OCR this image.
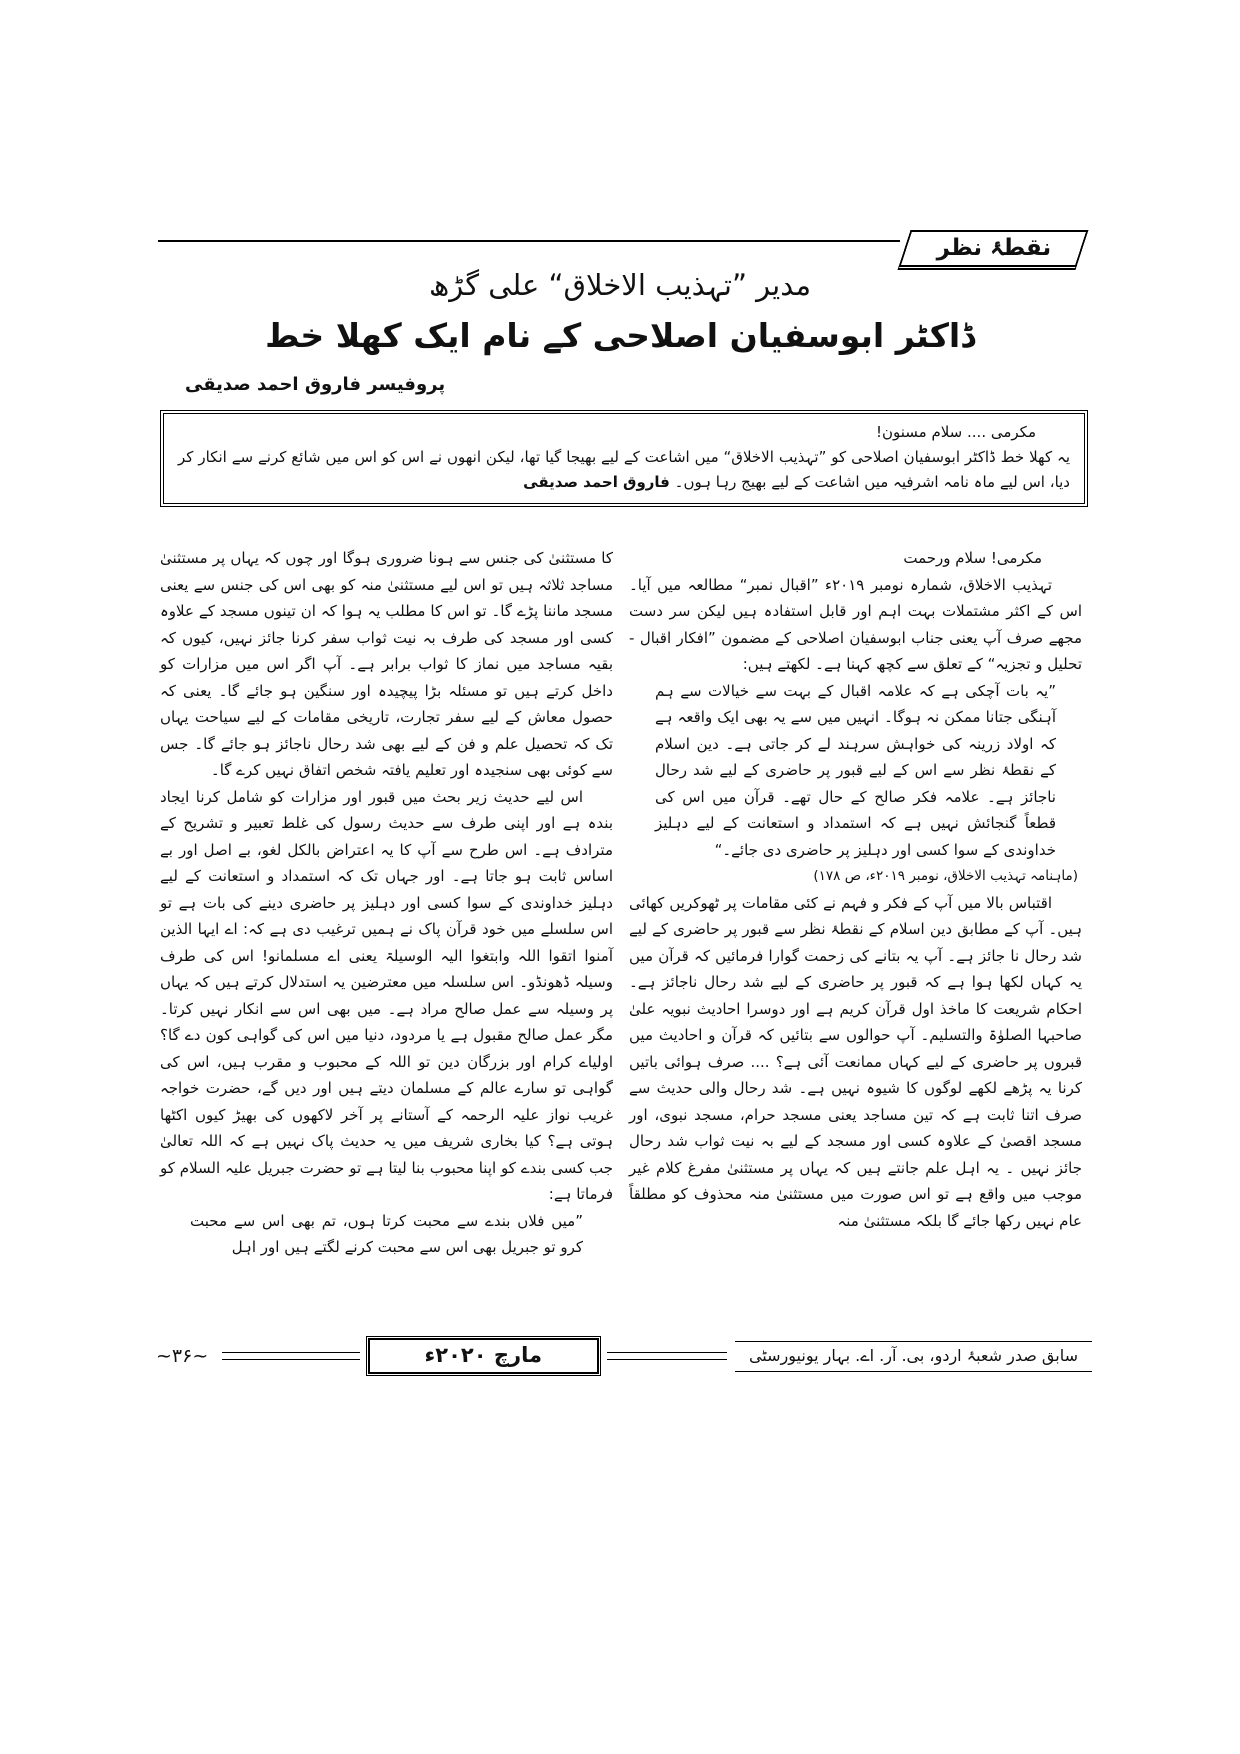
نقطۂ نظر
مدیر ”تہذیب الاخلاق“ علی گڑھ
ڈاکٹر ابوسفیان اصلاحی کے نام ایک کھلا خط
پروفیسر فاروق احمد صدیقی
مکرمی .... سلام مسنون!
یہ کھلا خط ڈاکٹر ابوسفیان اصلاحی کو ”تہذیب الاخلاق“ میں اشاعت کے لیے بھیجا گیا تھا، لیکن انھوں نے اس کو اس میں شائع کرنے سے انکار کر دیا، اس لیے ماہ نامہ اشرفیہ میں اشاعت کے لیے بھیج رہا ہوں۔ فاروق احمد صدیقی

مکرمی! سلام ورحمت

تہذیب الاخلاق، شمارہ نومبر ۲۰۱۹ء ”اقبال نمبر“ مطالعہ میں آیا۔ اس کے اکثر مشتملات بہت اہم اور قابل استفادہ ہیں لیکن سر دست مجھے صرف آپ یعنی جناب ابوسفیان اصلاحی کے مضمون ”افکار اقبال - تحلیل و تجزیہ“ کے تعلق سے کچھ کہنا ہے۔ لکھتے ہیں:

”یہ بات آچکی ہے کہ علامہ اقبال کے بہت سے خیالات سے ہم آہنگی جتانا ممکن نہ ہوگا۔ انہیں میں سے یہ بھی ایک واقعہ ہے کہ اولاد زرینہ کی خواہش سرہند لے کر جاتی ہے۔ دین اسلام کے نقطۂ نظر سے اس کے لیے قبور پر حاضری کے لیے شد رحال ناجائز ہے۔ علامہ فکر صالح کے حال تھے۔ قرآن میں اس کی قطعاً گنجائش نہیں ہے کہ استمداد و استعانت کے لیے دہلیز خداوندی کے سوا کسی اور دہلیز پر حاضری دی جائے۔“

(ماہنامہ تہذیب الاخلاق، نومبر ۲۰۱۹ء، ص ۱۷۸)

اقتباس بالا میں آپ کے فکر و فہم نے کئی مقامات پر ٹھوکریں کھائی ہیں۔ آپ کے مطابق دین اسلام کے نقطۂ نظر سے قبور پر حاضری کے لیے شد رحال نا جائز ہے۔ آپ یہ بتانے کی زحمت گوارا فرمائیں کہ قرآن میں یہ کہاں لکھا ہوا ہے کہ قبور پر حاضری کے لیے شد رحال ناجائز ہے۔ احکام شریعت کا ماخذ اول قرآن کریم ہے اور دوسرا احادیث نبویہ علیٰ صاحبہا الصلوٰۃ والتسلیم۔ آپ حوالوں سے بتائیں کہ قرآن و احادیث میں قبروں پر حاضری کے لیے کہاں ممانعت آئی ہے؟ .... صرف ہوائی باتیں کرنا یہ پڑھے لکھے لوگوں کا شیوہ نہیں ہے۔ شد رحال والی حدیث سے صرف اتنا ثابت ہے کہ تین مساجد یعنی مسجد حرام، مسجد نبوی، اور مسجد اقصیٰ کے علاوہ کسی اور مسجد کے لیے بہ نیت ثواب شد رحال جائز نہیں ۔ یہ اہل علم جانتے ہیں کہ یہاں پر مستثنیٰ مفرغ کلام غیر موجب میں واقع ہے تو اس صورت میں مستثنیٰ منہ محذوف کو مطلقاً عام نہیں رکھا جائے گا بلکہ مستثنیٰ منہ

کا مستثنیٰ کی جنس سے ہونا ضروری ہوگا اور چوں کہ یہاں پر مستثنیٰ مساجد ثلاثہ ہیں تو اس لیے مستثنیٰ منہ کو بھی اس کی جنس سے یعنی مسجد ماننا پڑے گا۔ تو اس کا مطلب یہ ہوا کہ ان تینوں مسجد کے علاوہ کسی اور مسجد کی طرف بہ نیت ثواب سفر کرنا جائز نہیں، کیوں کہ بقیہ مساجد میں نماز کا ثواب برابر ہے۔ آپ اگر اس میں مزارات کو داخل کرتے ہیں تو مسئلہ بڑا پیچیدہ اور سنگین ہو جائے گا۔ یعنی کہ حصول معاش کے لیے سفر تجارت، تاریخی مقامات کے لیے سیاحت یہاں تک کہ تحصیل علم و فن کے لیے بھی شد رحال ناجائز ہو جائے گا۔ جس سے کوئی بھی سنجیدہ اور تعلیم یافتہ شخص اتفاق نہیں کرے گا۔

اس لیے حدیث زیر بحث میں قبور اور مزارات کو شامل کرنا ایجاد بندہ ہے اور اپنی طرف سے حدیث رسول کی غلط تعبیر و تشریح کے مترادف ہے۔ اس طرح سے آپ کا یہ اعتراض بالکل لغو، بے اصل اور بے اساس ثابت ہو جاتا ہے۔ اور جہاں تک کہ استمداد و استعانت کے لیے دہلیز خداوندی کے سوا کسی اور دہلیز پر حاضری دینے کی بات ہے تو اس سلسلے میں خود قرآن پاک نے ہمیں ترغیب دی ہے کہ: اے ایہا الذین آمنوا اتقوا اللہ وابتغوا الیہ الوسیلۃ یعنی اے مسلمانو! اس کی طرف وسیلہ ڈھونڈو۔ اس سلسلہ میں معترضین یہ استدلال کرتے ہیں کہ یہاں پر وسیلہ سے عمل صالح مراد ہے۔ میں بھی اس سے انکار نہیں کرتا۔ مگر عمل صالح مقبول ہے یا مردود، دنیا میں اس کی گواہی کون دے گا؟ اولیاے کرام اور بزرگان دین تو اللہ کے محبوب و مقرب ہیں، اس کی گواہی تو سارے عالم کے مسلمان دیتے ہیں اور دیں گے، حضرت خواجہ غریب نواز علیہ الرحمہ کے آستانے پر آخر لاکھوں کی بھیڑ کیوں اکٹھا ہوتی ہے؟ کیا بخاری شریف میں یہ حدیث پاک نہیں ہے کہ اللہ تعالیٰ جب کسی بندے کو اپنا محبوب بنا لیتا ہے تو حضرت جبریل علیہ السلام کو فرماتا ہے:

”میں فلاں بندے سے محبت کرتا ہوں، تم بھی اس سے محبت کرو تو جبریل بھی اس سے محبت کرنے لگتے ہیں اور اہل

~۳۶~	مارچ ۲۰۲۰ء	سابق صدر شعبۂ اردو، بی. آر. اے. بہار یونیورسٹی
